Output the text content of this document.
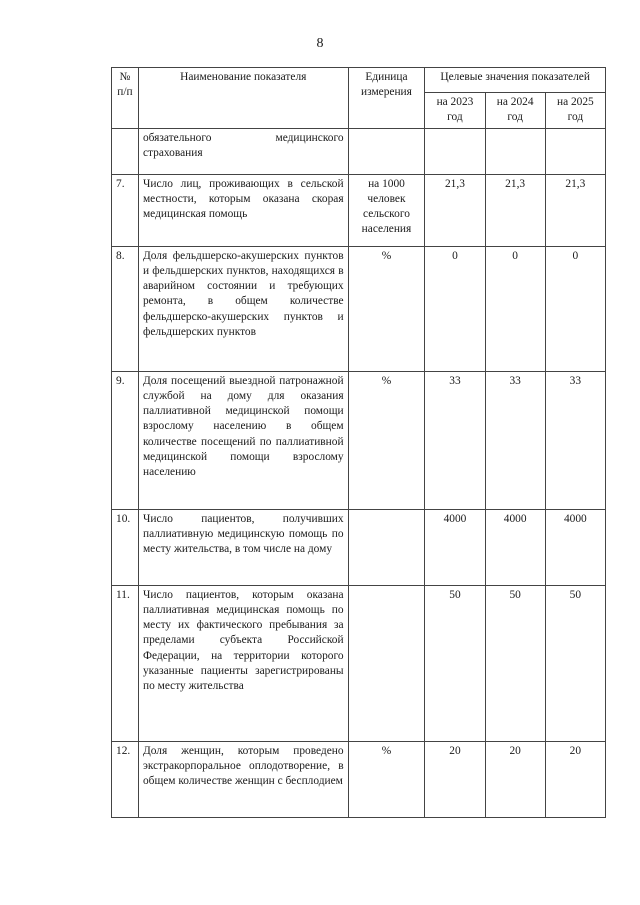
8
№ п/п	Наименование показателя	Единица измерения	Целевые значения показателей		
			на 2023 год	на 2024 год	на 2025 год
	обязательного медицинского страхования				
7.	Число лиц, проживающих в сельской местности, которым оказана скорая медицинская помощь	на 1000 человек сельского населения	21,3	21,3	21,3
8.	Доля фельдшерско-акушерских пунктов и фельдшерских пунктов, находящихся в аварийном состоянии и требующих ремонта, в общем количестве фельдшерско-акушерских пунктов и фельдшерских пунктов	%	0	0	0
9.	Доля посещений выездной патронажной службой на дому для оказания паллиативной медицинской помощи взрослому населению в общем количестве посещений по паллиативной медицинской помощи взрослому населению	%	33	33	33
10.	Число пациентов, получивших паллиативную медицинскую помощь по месту жительства, в том числе на дому		4000	4000	4000
11.	Число пациентов, которым оказана паллиативная медицинская помощь по месту их фактического пребывания за пределами субъекта Российской Федерации, на территории которого указанные пациенты зарегистрированы по месту жительства		50	50	50
12.	Доля женщин, которым проведено экстракорпоральное оплодотворение, в общем количестве женщин с бесплодием	%	20	20	20
